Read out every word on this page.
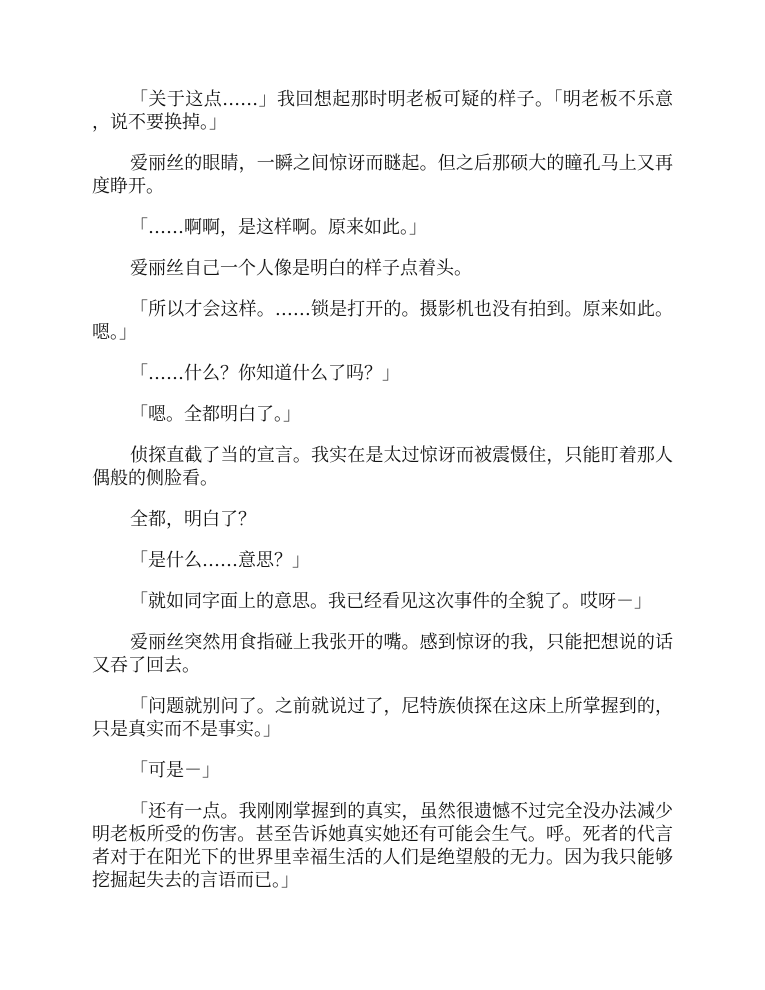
「关于这点……」我回想起那时明老板可疑的样子。「明老板不乐意，说不要换掉。」

爱丽丝的眼睛，一瞬之间惊讶而瞇起。但之后那硕大的瞳孔马上又再度睁开。

「……啊啊，是这样啊。原来如此。」

爱丽丝自己一个人像是明白的样子点着头。

「所以才会这样。……锁是打开的。摄影机也没有拍到。原来如此。嗯。」

「……什么？你知道什么了吗？」

「嗯。全都明白了。」

侦探直截了当的宣言。我实在是太过惊讶而被震慑住，只能盯着那人偶般的侧脸看。

全都，明白了？

「是什么……意思？」

「就如同字面上的意思。我已经看见这次事件的全貌了。哎呀－」

爱丽丝突然用食指碰上我张开的嘴。感到惊讶的我，只能把想说的话又吞了回去。

「问题就别问了。之前就说过了，尼特族侦探在这床上所掌握到的，只是真实而不是事实。」

「可是－」

「还有一点。我刚刚掌握到的真实，虽然很遗憾不过完全没办法减少明老板所受的伤害。甚至告诉她真实她还有可能会生气。呼。死者的代言者对于在阳光下的世界里幸福生活的人们是绝望般的无力。因为我只能够挖掘起失去的言语而已。」
